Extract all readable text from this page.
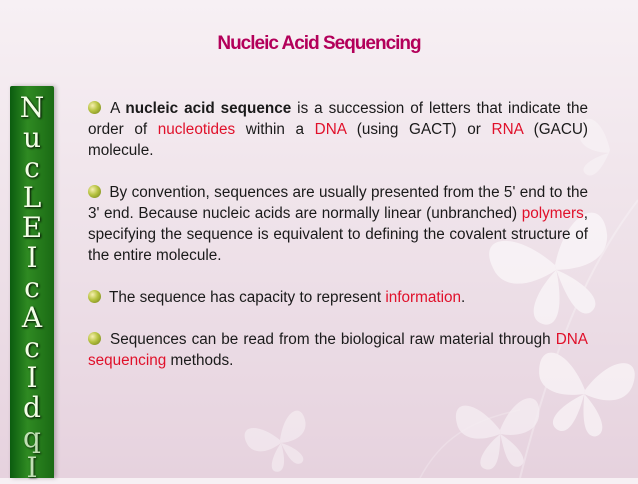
Nucleic Acid Sequencing
N
u
c
L
E
I
c
A
c
I
d
q
I

A nucleic acid sequence is a succession of letters that indicate the order of nucleotides within a DNA (using GACT) or RNA (GACU) molecule.

By convention, sequences are usually presented from the 5' end to the 3' end. Because nucleic acids are normally linear (unbranched) polymers, specifying the sequence is equivalent to defining the covalent structure of the entire molecule.

The sequence has capacity to represent information.

Sequences can be read from the biological raw material through DNA sequencing methods.
